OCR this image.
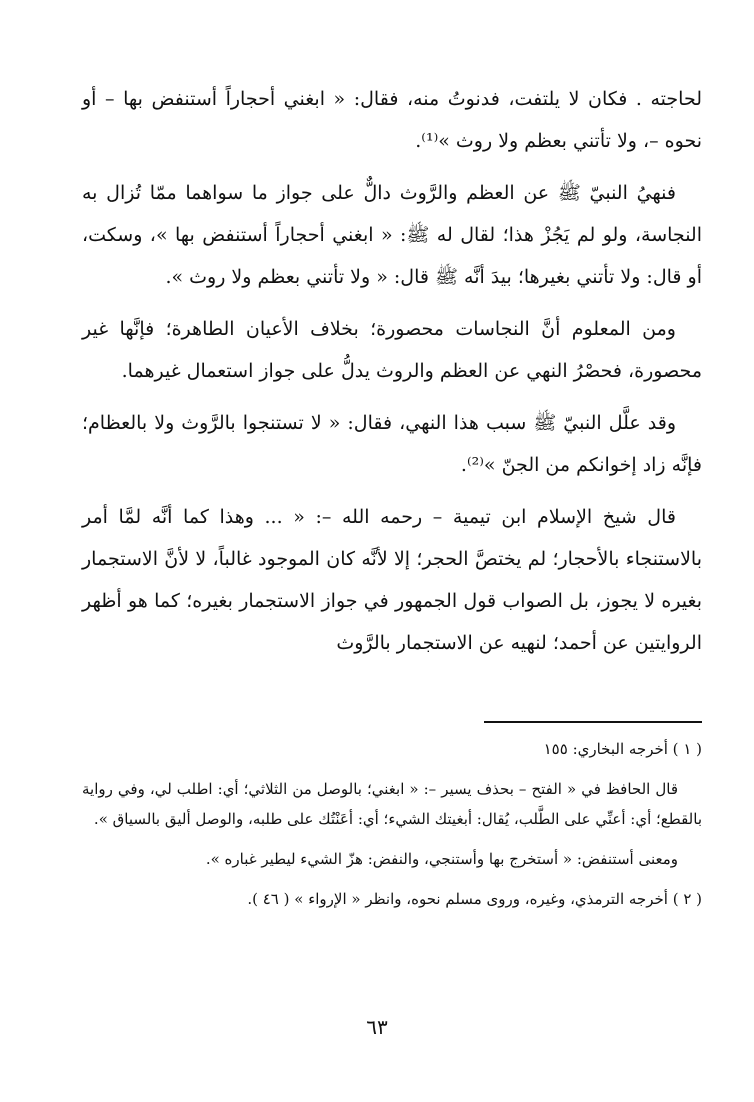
لحاجته . فكان لا يلتفت، فدنوتُ منه، فقال: « ابغني أحجاراً أستنفض بها – أو نحوه –، ولا تأتني بعظم ولا روث »⁽¹⁾.

فنهيُ النبيّ ﷺ عن العظم والرَّوث دالٌّ على جواز ما سواهما ممّا تُزال به النجاسة، ولو لم يَجُزْ هذا؛ لقال له ﷺ: « ابغني أحجاراً أستنفض بها »، وسكت، أو قال: ولا تأتني بغيرها؛ بيدَ أنَّه ﷺ قال: « ولا تأتني بعظم ولا روث ».

ومن المعلوم أنَّ النجاسات محصورة؛ بخلاف الأعيان الطاهرة؛ فإنَّها غير محصورة، فحصْرُ النهي عن العظم والروث يدلُّ على جواز استعمال غيرهما.

وقد علَّل النبيّ ﷺ سبب هذا النهي، فقال: « لا تستنجوا بالرَّوث ولا بالعظام؛ فإنَّه زاد إخوانكم من الجنّ »⁽²⁾.

قال شيخ الإسلام ابن تيمية – رحمه الله –: « ... وهذا كما أنَّه لمَّا أمر بالاستنجاء بالأحجار؛ لم يختصَّ الحجر؛ إلا لأنَّه كان الموجود غالباً، لا لأنَّ الاستجمار بغيره لا يجوز، بل الصواب قول الجمهور في جواز الاستجمار بغيره؛ كما هو أظهر الروايتين عن أحمد؛ لنهيه عن الاستجمار بالرَّوث

( ١ ) أخرجه البخاري: ١٥٥

قال الحافظ في « الفتح – بحذف يسير –: « ابغني؛ بالوصل من الثلاثي؛ أي: اطلب لي، وفي رواية بالقطع؛ أي: أعنِّي على الطَّلب، يُقال: أبغيتك الشيء؛ أي: أعَنْتُك على طلبه، والوصل أليق بالسياق ».

ومعنى أستنفض: « أستخرج بها وأستنجي، والنفض: هزّ الشيء ليطير غباره ».

( ٢ ) أخرجه الترمذي، وغيره، وروى مسلم نحوه، وانظر « الإرواء » ( ٤٦ ).

٦٣
